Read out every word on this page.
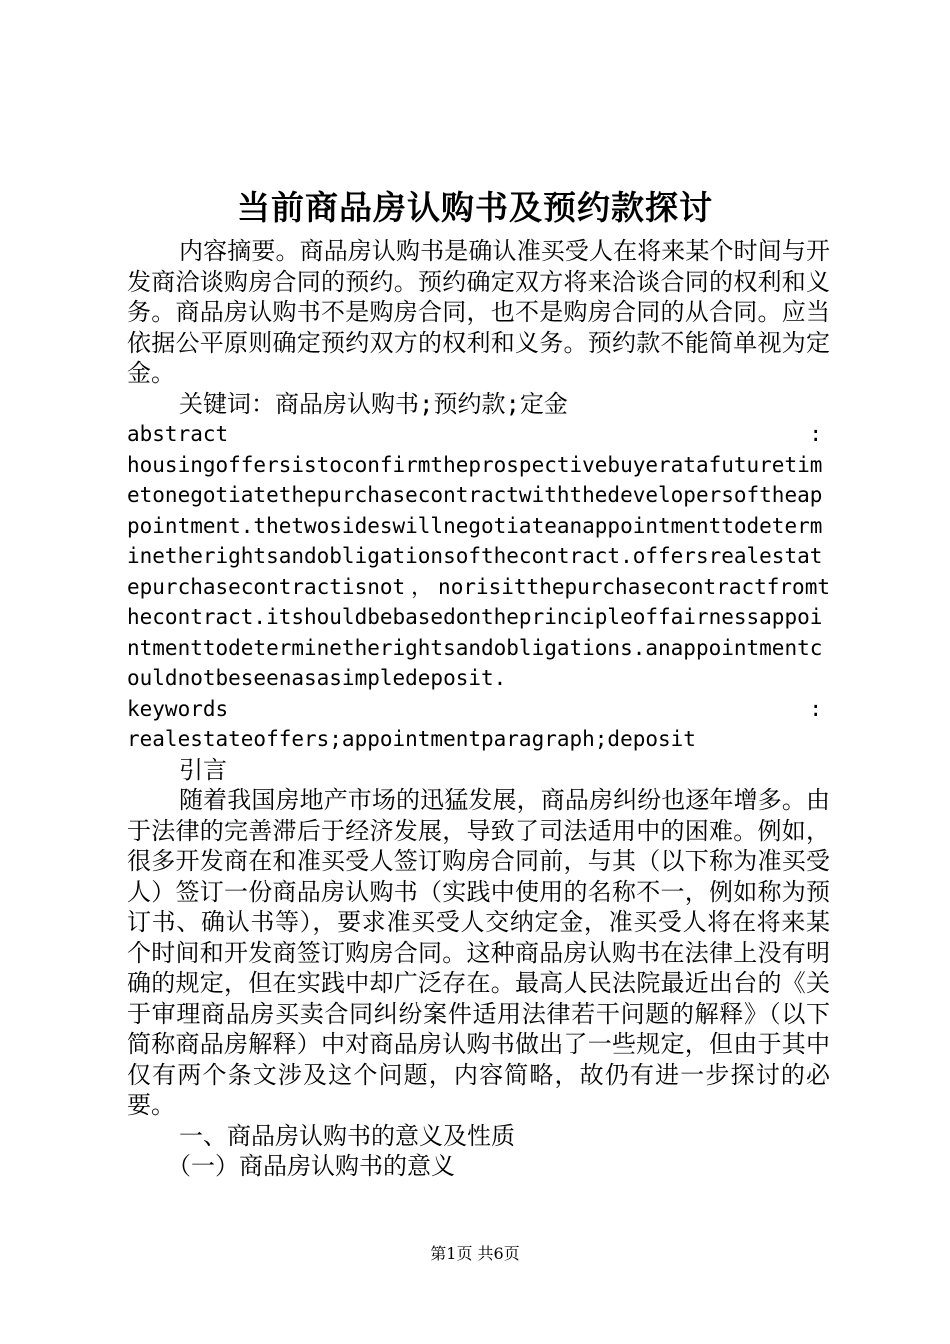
当前商品房认购书及预约款探讨

内容摘要。商品房认购书是确认准买受人在将来某个时间与开发商洽谈购房合同的预约。预约确定双方将来洽谈合同的权利和义务。商品房认购书不是购房合同，也不是购房合同的从合同。应当依据公平原则确定预约双方的权利和义务。预约款不能简单视为定金。

关键词：商品房认购书;预约款;定金

abstract	:

housingoffersistoconfirmtheprospectivebuyeratafuturetimetonegotiatethepurchasecontractwiththedevelopersoftheappointment.thetwosideswillnegotiateanappointmenttodeterminetherightsandobligationsofthecontract.offersrealestatepurchasecontractisnot，norisitthepurchasecontractfromthecontract.itshouldbebasedontheprincipleoffairnessappointmenttodeterminetherightsandobligations.anappointmentcouldnotbeseenasasimpledeposit.

keywords	:

realestateoffers;appointmentparagraph;deposit

引言

随着我国房地产市场的迅猛发展，商品房纠纷也逐年增多。由于法律的完善滞后于经济发展，导致了司法适用中的困难。例如，很多开发商在和准买受人签订购房合同前，与其（以下称为准买受人）签订一份商品房认购书（实践中使用的名称不一，例如称为预订书、确认书等），要求准买受人交纳定金，准买受人将在将来某个时间和开发商签订购房合同。这种商品房认购书在法律上没有明确的规定，但在实践中却广泛存在。最高人民法院最近出台的《关于审理商品房买卖合同纠纷案件适用法律若干问题的解释》（以下简称商品房解释）中对商品房认购书做出了一些规定，但由于其中仅有两个条文涉及这个问题，内容简略，故仍有进一步探讨的必要。

一、商品房认购书的意义及性质

（一）商品房认购书的意义

第1页 共6页
